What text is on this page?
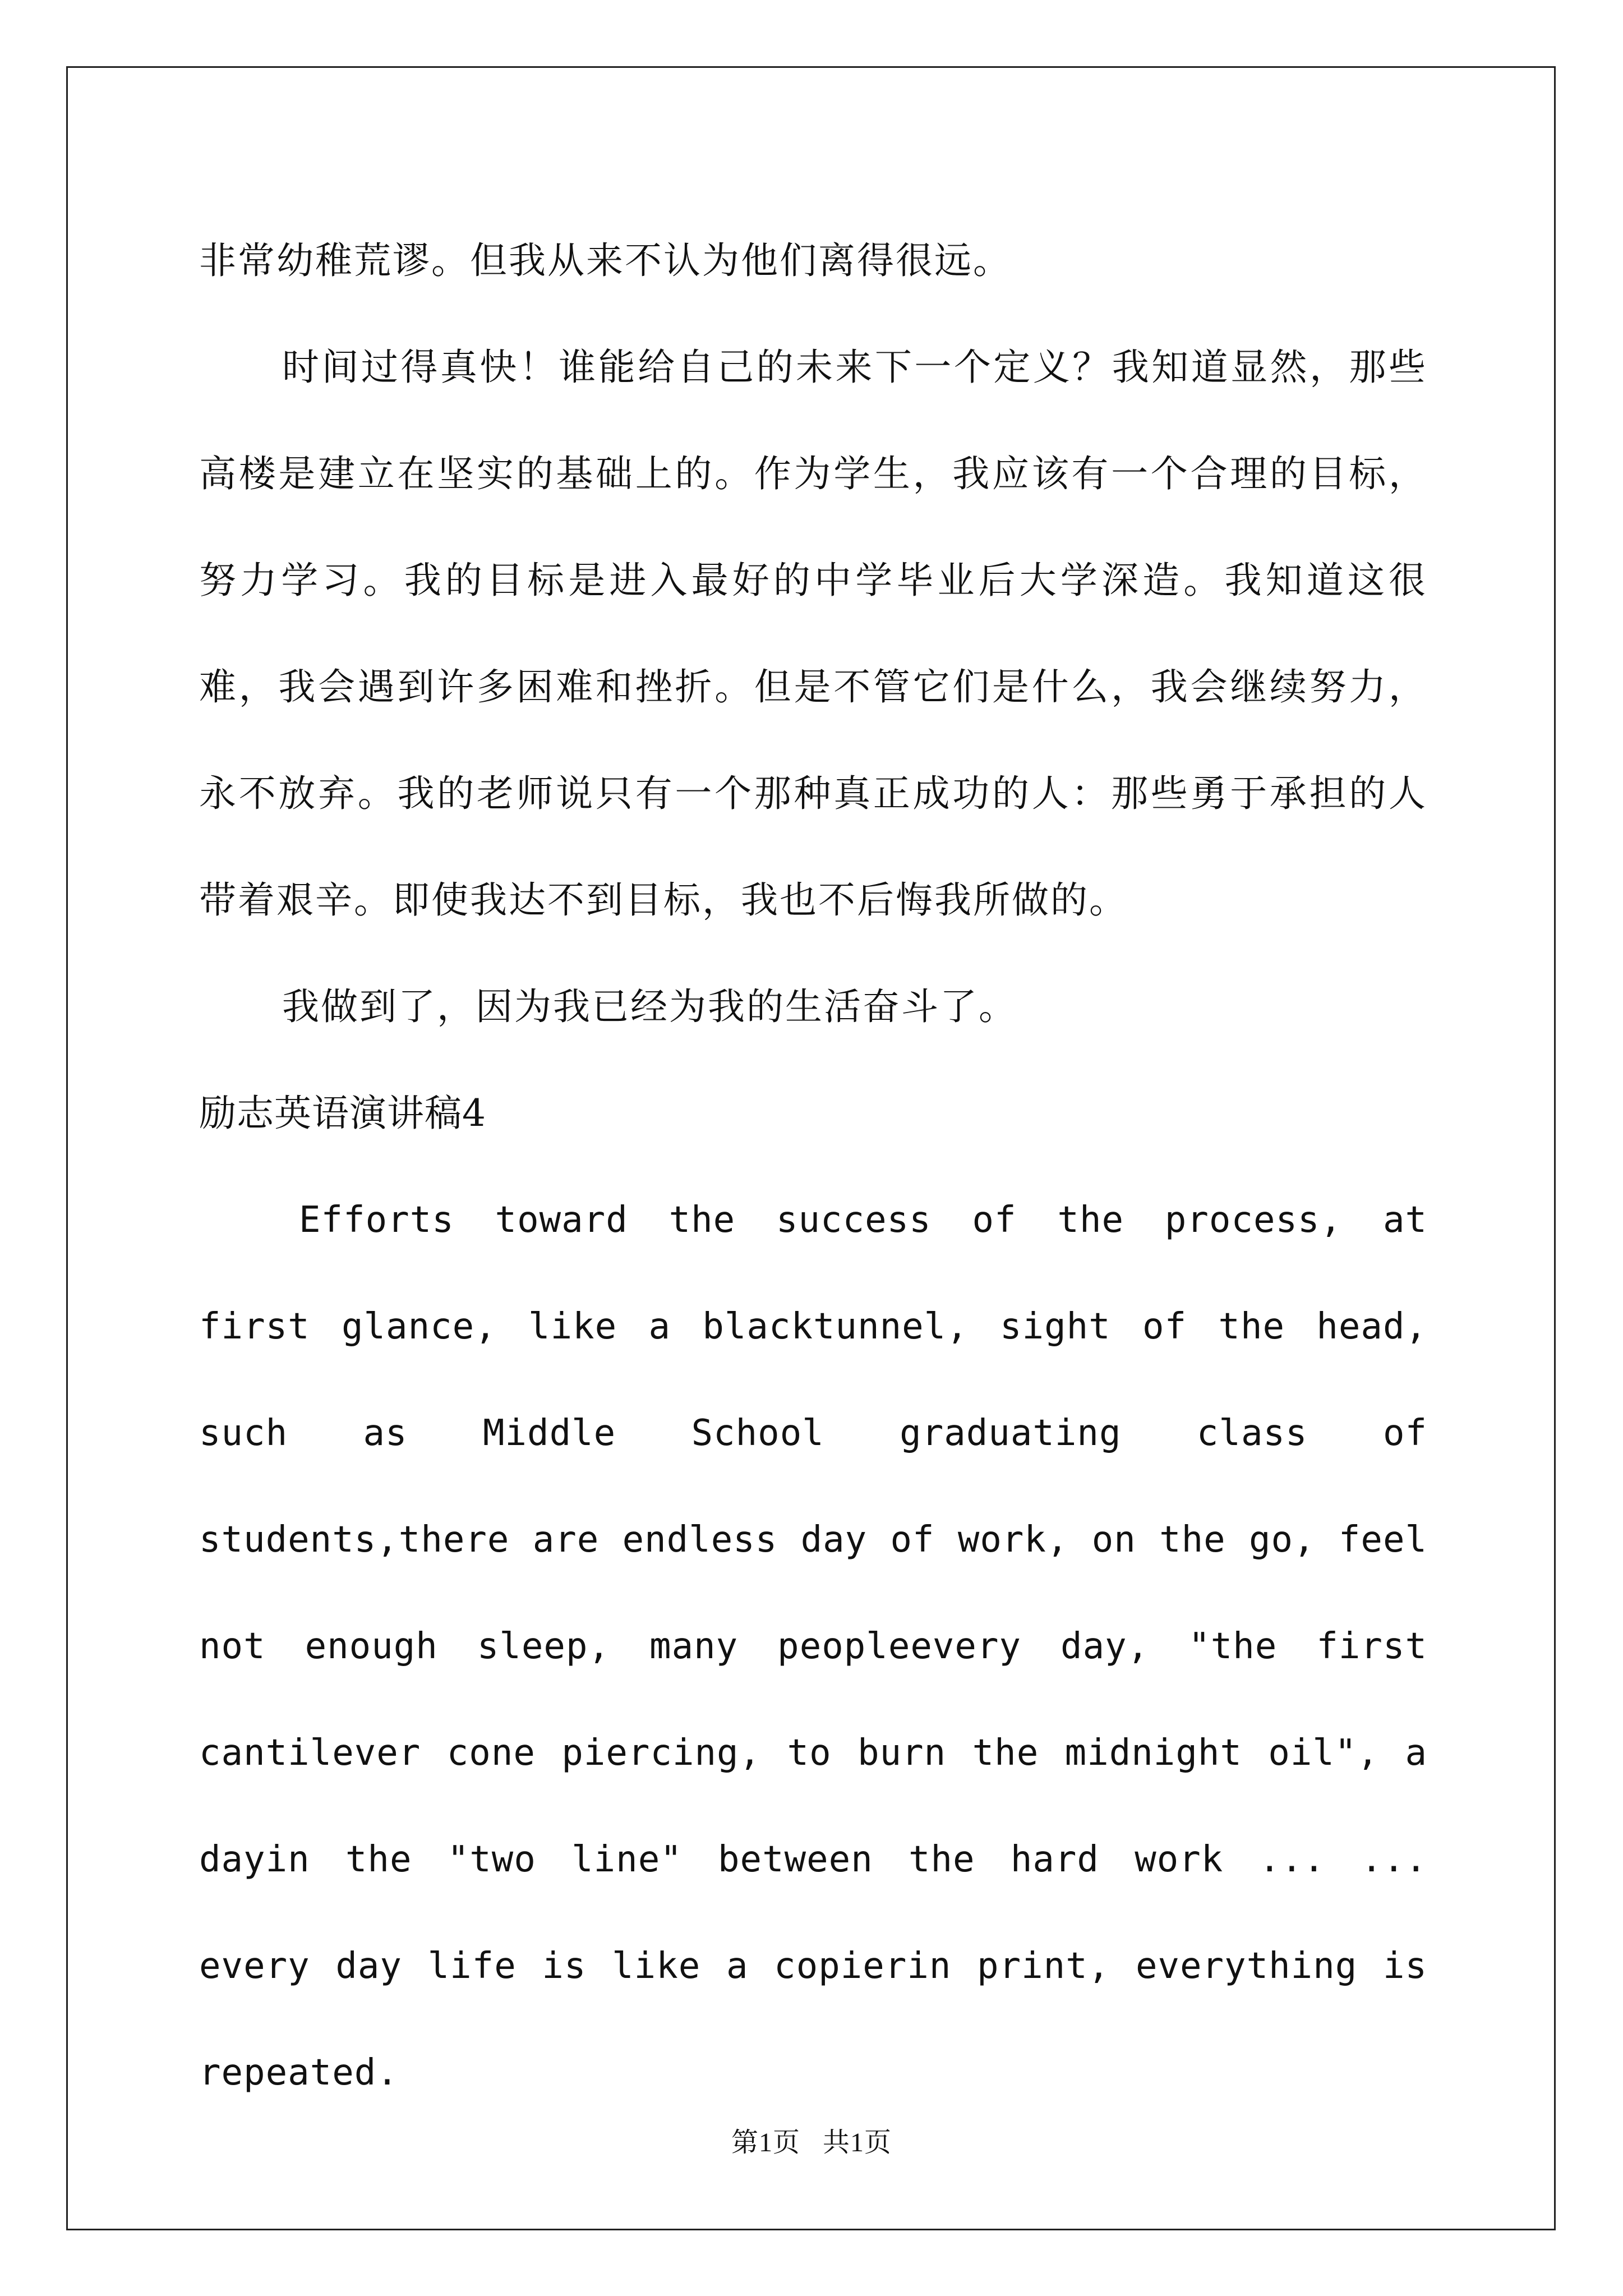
非常幼稚荒谬。但我从来不认为他们离得很远。

时间过得真快！谁能给自己的未来下一个定义？我知道显然，那些高楼是建立在坚实的基础上的。作为学生，我应该有一个合理的目标，努力学习。我的目标是进入最好的中学毕业后大学深造。我知道这很难，我会遇到许多困难和挫折。但是不管它们是什么，我会继续努力，永不放弃。我的老师说只有一个那种真正成功的人：那些勇于承担的人带着艰辛。即使我达不到目标，我也不后悔我所做的。

我做到了，因为我已经为我的生活奋斗了。

励志英语演讲稿4

Efforts toward the success of the process, at first glance, like a blacktunnel, sight of the head, such as Middle School graduating class of students,there are endless day of work, on the go, feel not enough sleep, many peopleevery day, "the first cantilever cone piercing, to burn the midnight oil", a dayin the "two line" between the hard work ... ... every day life is like a copierin print, everything is repeated.

第1页 共1页
